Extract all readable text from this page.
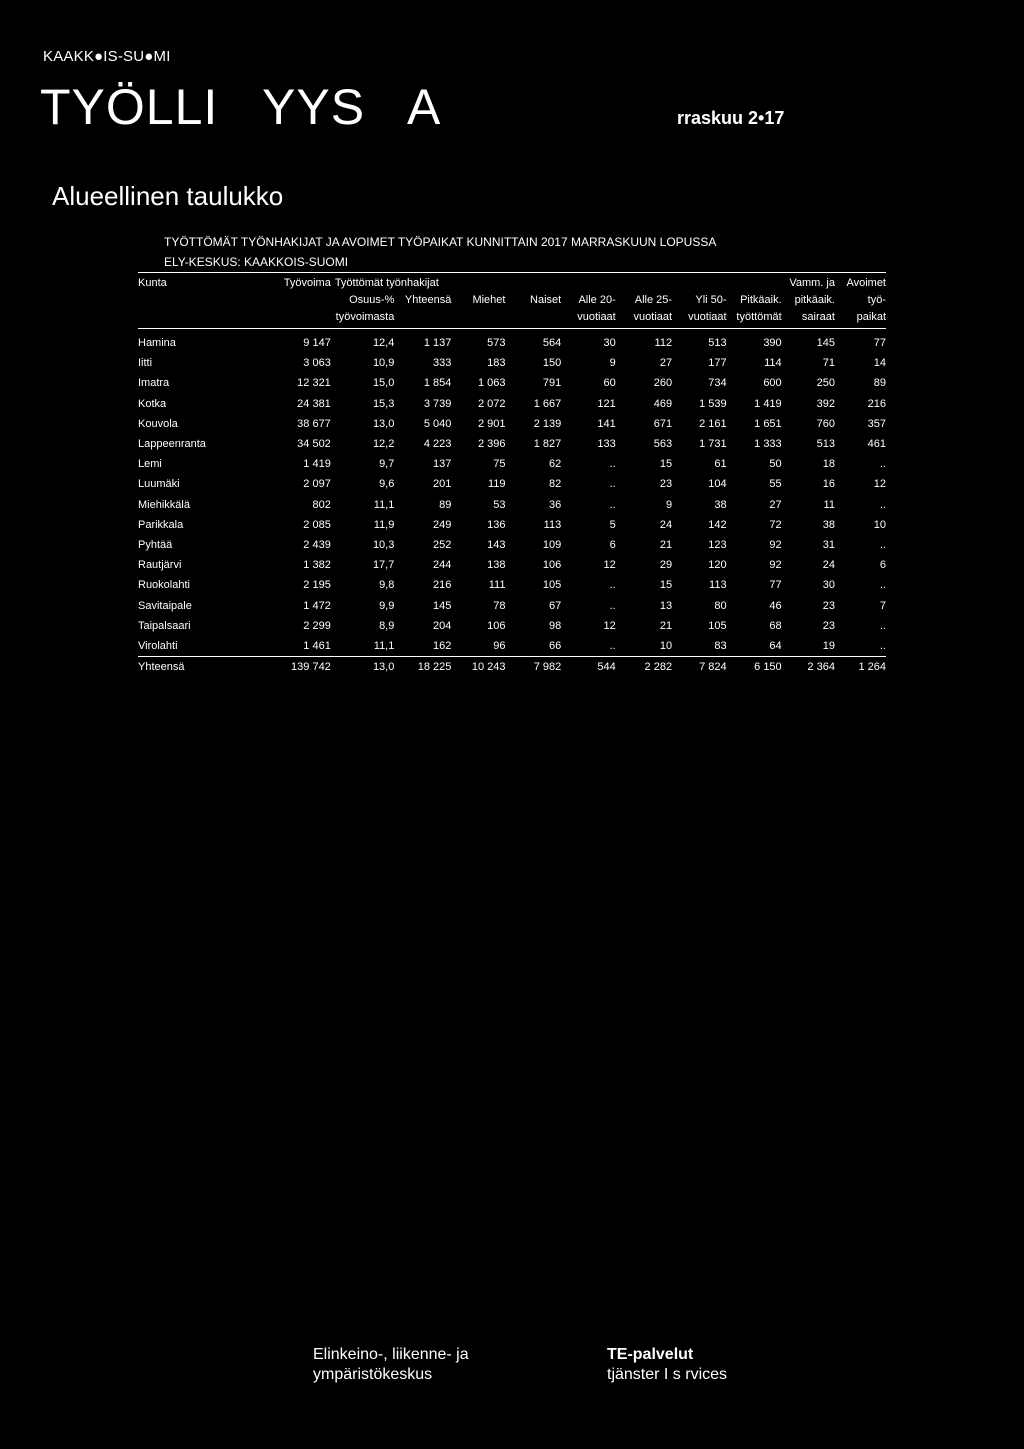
KAAKK●IS-SU●MI
TYÖLLI   YYS   A	rraskuu 2​•​17
Alueellinen taulukko
TYÖTTÖMÄT TYÖNHAKIJAT JA AVOIMET TYÖPAIKAT KUNNITTAIN 2017 MARRASKUUN LOPUSSA
ELY-KESKUS: KAAKKOIS-SUOMI
Kunta	Työvoima	Työttömät työnhakijat								Vamm. ja	Avoimet
		Osuus-%	Yhteensä	Miehet	Naiset	Alle 20-	Alle 25-	Yli 50-	Pitkäaik.	pitkäaik.	työ-
		työvoimasta				vuotiaat	vuotiaat	vuotiaat	työttömät	sairaat	paikat
Hamina	9 147	12,4	1 137	573	564	30	112	513	390	145	77
Iitti	3 063	10,9	333	183	150	9	27	177	114	71	14
Imatra	12 321	15,0	1 854	1 063	791	60	260	734	600	250	89
Kotka	24 381	15,3	3 739	2 072	1 667	121	469	1 539	1 419	392	216
Kouvola	38 677	13,0	5 040	2 901	2 139	141	671	2 161	1 651	760	357
Lappeenranta	34 502	12,2	4 223	2 396	1 827	133	563	1 731	1 333	513	461
Lemi	1 419	9,7	137	75	62	..	15	61	50	18	..
Luumäki	2 097	9,6	201	119	82	..	23	104	55	16	12
Miehikkälä	802	11,1	89	53	36	..	9	38	27	11	..
Parikkala	2 085	11,9	249	136	113	5	24	142	72	38	10
Pyhtää	2 439	10,3	252	143	109	6	21	123	92	31	..
Rautjärvi	1 382	17,7	244	138	106	12	29	120	92	24	6
Ruokolahti	2 195	9,8	216	111	105	..	15	113	77	30	..
Savitaipale	1 472	9,9	145	78	67	..	13	80	46	23	7
Taipalsaari	2 299	8,9	204	106	98	12	21	105	68	23	..
Virolahti	1 461	11,1	162	96	66	..	10	83	64	19	..
Yhteensä	139 742	13,0	18 225	10 243	7 982	544	2 282	7 824	6 150	2 364	1 264
Elinkeino-, liikenne- ja
ympäristökeskus
TE-palvelut
tjänster I s rvices
